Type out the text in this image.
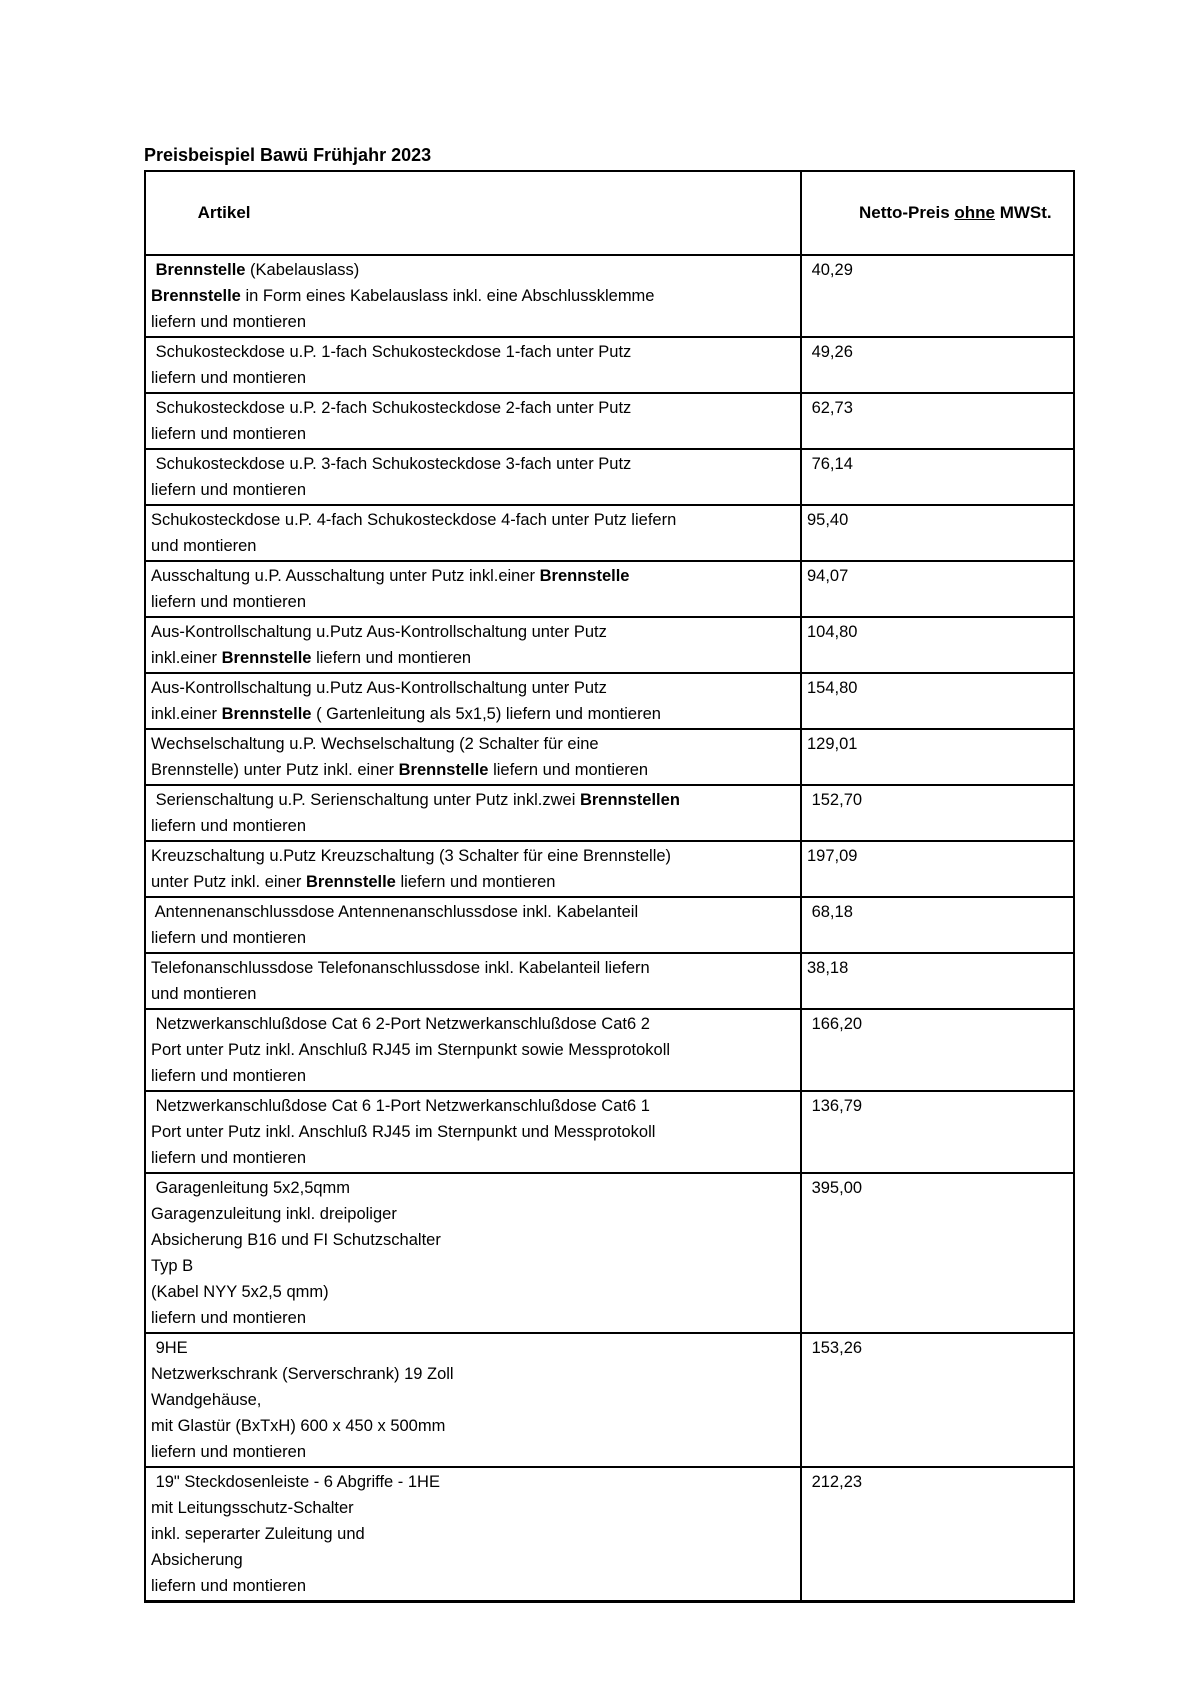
Preisbeispiel Bawü Frühjahr 2023

Artikel	Netto-Preis ohne MWSt.

Brennstelle (Kabelauslass)
Brennstelle in Form eines Kabelauslass inkl. eine Abschlussklemme
liefern und montieren	40,29

Schukosteckdose u.P. 1-fach Schukosteckdose 1-fach unter Putz
liefern und montieren	49,26

Schukosteckdose u.P. 2-fach Schukosteckdose 2-fach unter Putz
liefern und montieren	62,73

Schukosteckdose u.P. 3-fach Schukosteckdose 3-fach unter Putz
liefern und montieren	76,14

Schukosteckdose u.P. 4-fach Schukosteckdose 4-fach unter Putz liefern
und montieren	95,40

Ausschaltung u.P. Ausschaltung unter Putz inkl.einer Brennstelle
liefern und montieren	94,07

Aus-Kontrollschaltung u.Putz Aus-Kontrollschaltung unter Putz
inkl.einer Brennstelle liefern und montieren	104,80

Aus-Kontrollschaltung u.Putz Aus-Kontrollschaltung unter Putz
inkl.einer Brennstelle ( Gartenleitung als 5x1,5) liefern und montieren	154,80

Wechselschaltung u.P. Wechselschaltung (2 Schalter für eine
Brennstelle) unter Putz inkl. einer Brennstelle liefern und montieren	129,01

Serienschaltung u.P. Serienschaltung unter Putz inkl.zwei Brennstellen
liefern und montieren	152,70

Kreuzschaltung u.Putz Kreuzschaltung (3 Schalter für eine Brennstelle)
unter Putz inkl. einer Brennstelle liefern und montieren	197,09

Antennenanschlussdose Antennenanschlussdose inkl. Kabelanteil
liefern und montieren	68,18

Telefonanschlussdose Telefonanschlussdose inkl. Kabelanteil liefern
und montieren	38,18

Netzwerkanschlußdose Cat 6 2-Port Netzwerkanschlußdose Cat6 2
Port unter Putz inkl. Anschluß RJ45 im Sternpunkt sowie Messprotokoll
liefern und montieren	166,20

Netzwerkanschlußdose Cat 6 1-Port Netzwerkanschlußdose Cat6 1
Port unter Putz inkl. Anschluß RJ45 im Sternpunkt und Messprotokoll
liefern und montieren	136,79

Garagenleitung 5x2,5qmm
Garagenzuleitung inkl. dreipoliger
Absicherung B16 und FI Schutzschalter
Typ B
(Kabel NYY 5x2,5 qmm)
liefern und montieren
	395,00

9HE
Netzwerkschrank (Serverschrank) 19 Zoll
Wandgehäuse,
mit Glastür (BxTxH) 600 x 450 x 500mm
liefern und montieren	153,26

19" Steckdosenleiste - 6 Abgriffe - 1HE
mit Leitungsschutz-Schalter
inkl. seperarter Zuleitung und
Absicherung
liefern und montieren	212,23
